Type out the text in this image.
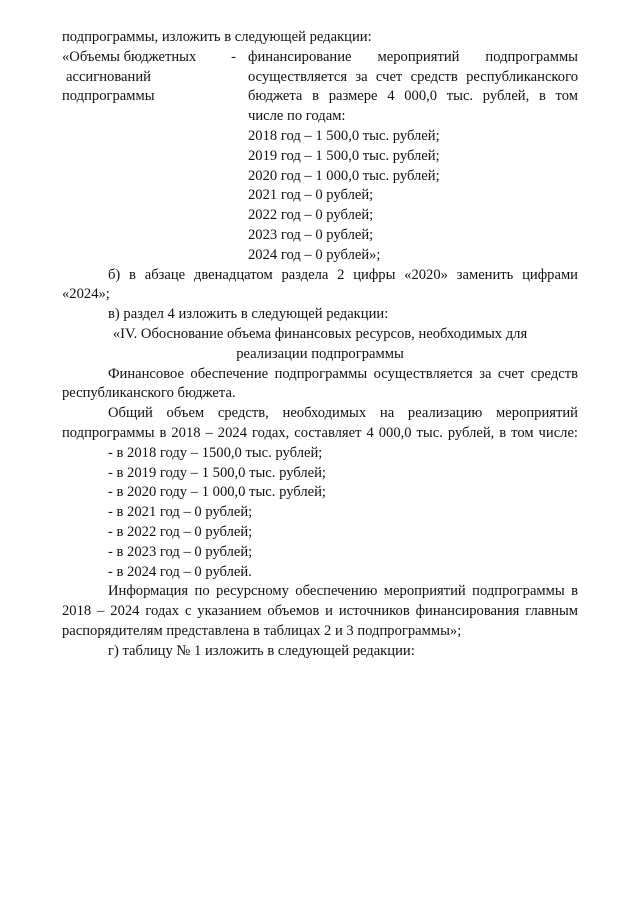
подпрограммы, изложить в следующей редакции:

«Объемы бюджетных -
ассигнований
подпрограммы
финансирование мероприятий подпрограммы
осуществляется за счет средств республиканского
бюджета в размере 4 000,0 тыс. рублей, в том
числе по годам:
2018 год – 1 500,0 тыс. рублей;
2019 год – 1 500,0 тыс. рублей;
2020 год – 1 000,0 тыс. рублей;
2021 год – 0 рублей;
2022 год – 0 рублей;
2023 год – 0 рублей;
2024 год – 0 рублей»;
б) в абзаце двенадцатом раздела 2 цифры «2020» заменить цифрами
«2024»;

в) раздел 4 изложить в следующей редакции:

«IV. Обоснование объема финансовых ресурсов, необходимых для
реализации подпрограммы
Финансовое обеспечение подпрограммы осуществляется за счет средств
республиканского бюджета.
Общий объем средств, необходимых на реализацию мероприятий
подпрограммы в 2018 – 2024 годах, составляет 4 000,0 тыс. рублей, в том числе:
- в 2018 году – 1500,0 тыс. рублей;
- в 2019 году – 1 500,0 тыс. рублей;
- в 2020 году – 1 000,0 тыс. рублей;
- в 2021 год – 0 рублей;
- в 2022 год – 0 рублей;
- в 2023 год – 0 рублей;
- в 2024 год – 0 рублей.
Информация по ресурсному обеспечению мероприятий подпрограммы в
2018 – 2024 годах с указанием объемов и источников финансирования главным
распорядителям представлена в таблицах 2 и 3 подпрограммы»;

г) таблицу № 1 изложить в следующей редакции:
